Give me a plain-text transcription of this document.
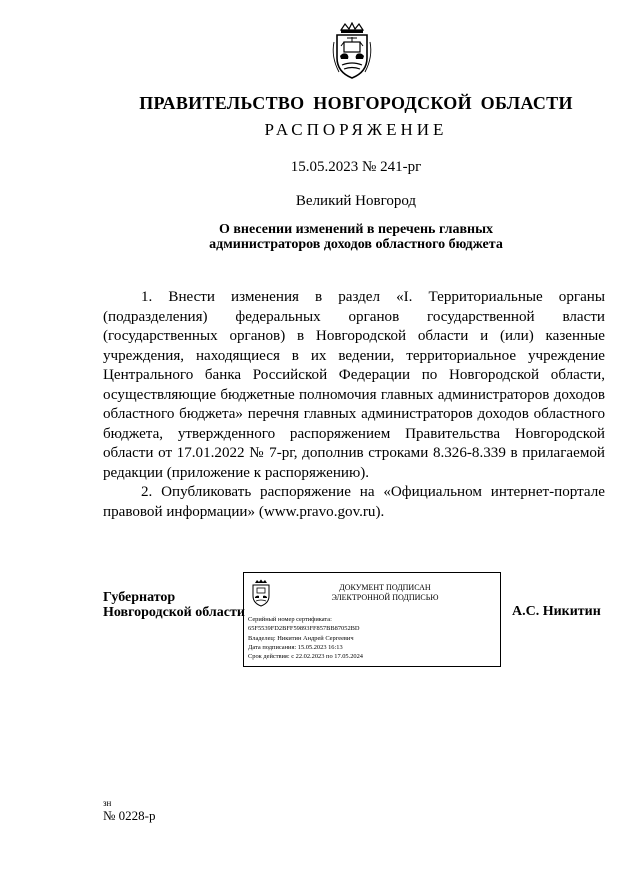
ПРАВИТЕЛЬСТВО НОВГОРОДСКОЙ ОБЛАСТИ
РАСПОРЯЖЕНИЕ
15.05.2023 № 241-рг
Великий Новгород
О внесении изменений в перечень главных
администраторов доходов областного бюджета

1. Внести изменения в раздел «I. Территориальные органы (подразделения) федеральных органов государственной власти (государственных органов) в Новгородской области и (или) казенные учреждения, находящиеся в их ведении, территориальное учреждение Центрального банка Российской Федерации по Новгородской области, осуществляющие бюджетные полномочия главных администраторов доходов областного бюджета» перечня главных администраторов доходов областного бюджета, утвержденного распоряжением Правительства Новгородской области от 17.01.2022 № 7-рг, дополнив строками 8.326-8.339 в прилагаемой редакции (приложение к распоряжению).

2. Опубликовать распоряжение на «Официальном интернет-портале правовой информации» (www.pravo.gov.ru).

Губернатор
Новгородской области
ДОКУМЕНТ ПОДПИСАН
ЭЛЕКТРОННОЙ ПОДПИСЬЮ
Серийный номер сертификата:
65F5539FD2BFF59893FF857BB87052BD
Владелец: Никитин Андрей Сергеевич
Дата подписания: 15.05.2023 16:13
Срок действия: с 22.02.2023 по 17.05.2024
А.С. Никитин
зн
№ 0228-р
